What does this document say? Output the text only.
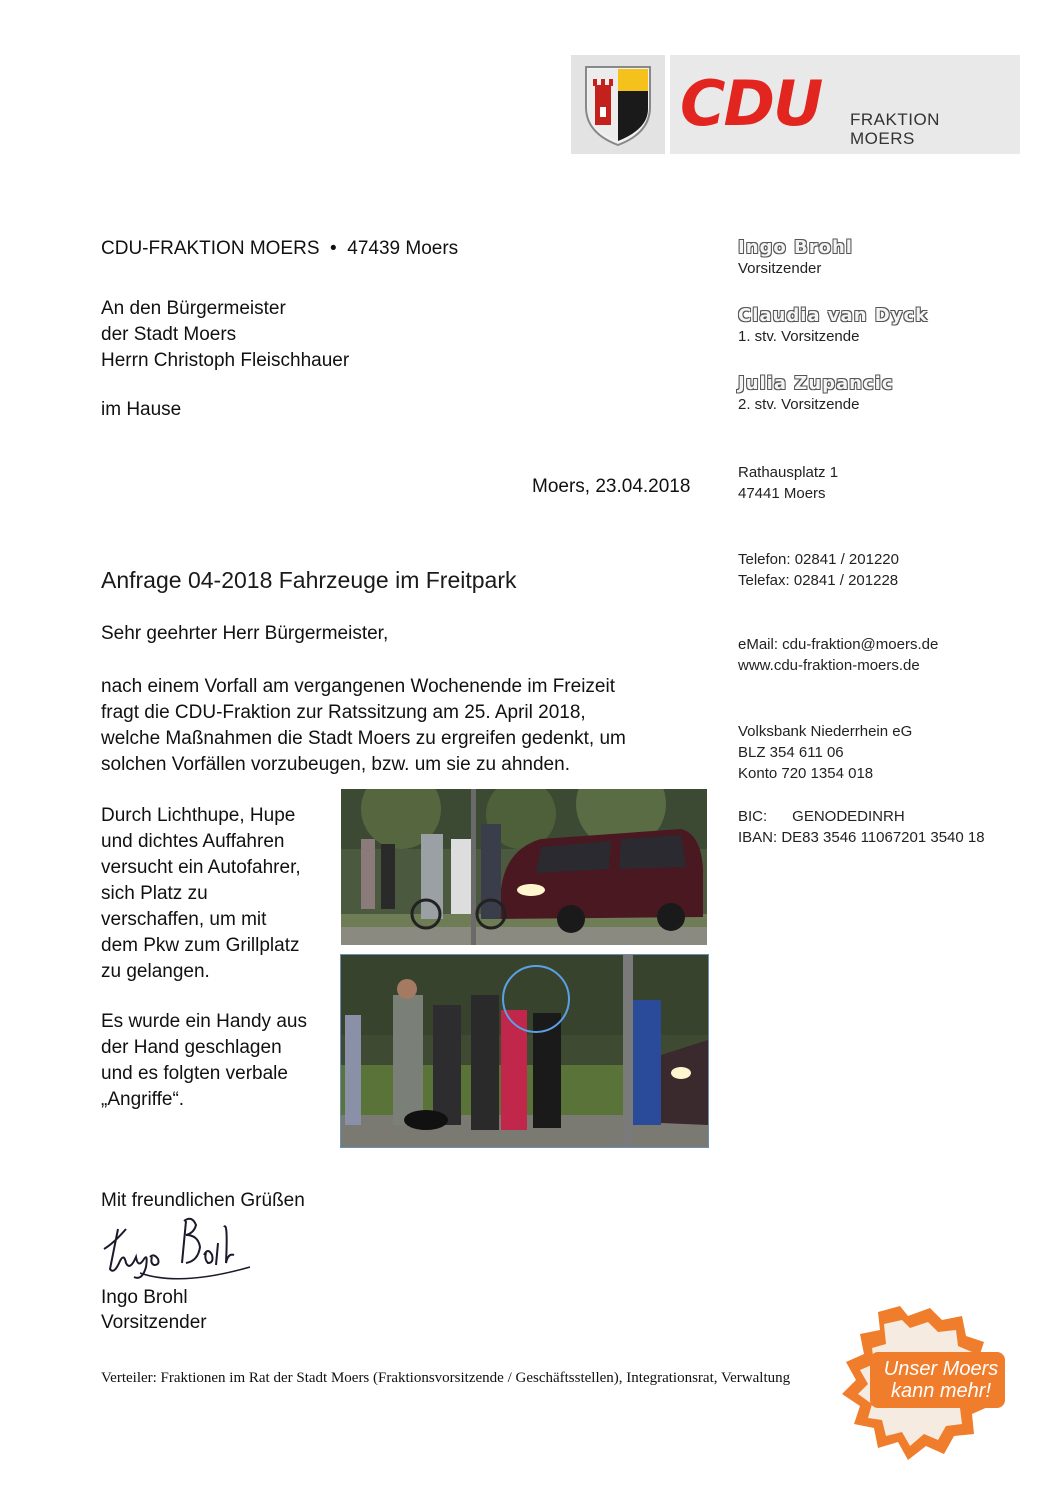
CDU FRAKTION
MOERS
CDU-FRAKTION MOERS  •  47439 Moers
An den Bürgermeister
der Stadt Moers
Herrn Christoph Fleischhauer
im Hause
Moers, 23.04.2018
Anfrage 04-2018 Fahrzeuge im Freitpark
Sehr geehrter Herr Bürgermeister,
nach einem Vorfall am vergangenen Wochenende im Freizeit
fragt die CDU-Fraktion zur Ratssitzung am 25. April 2018,
welche Maßnahmen die Stadt Moers zu ergreifen gedenkt, um
solchen Vorfällen vorzubeugen, bzw. um sie zu ahnden.
Durch Lichthupe, Hupe
und dichtes Auffahren
versucht ein Autofahrer,
sich Platz zu
verschaffen, um mit
dem Pkw zum Grillplatz
zu gelangen.
Es wurde ein Handy aus
der Hand geschlagen
und es folgten verbale
„Angriffe“.
Mit freundlichen Grüßen
Ingo Brohl
Vorsitzender
Verteiler: Fraktionen im Rat der Stadt Moers (Fraktionsvorsitzende / Geschäftsstellen), Integrationsrat, Verwaltung
Ingo Brohl
Vorsitzender
Claudia van Dyck
1. stv. Vorsitzende
Julia Zupancic
2. stv. Vorsitzende
Rathausplatz 1
47441 Moers
Telefon: 02841 / 201220
Telefax: 02841 / 201228
eMail: cdu-fraktion@moers.de
www.cdu-fraktion-moers.de
Volksbank Niederrhein eG
BLZ 354 611 06
Konto 720 1354 018
BIC:      GENODEDINRH
IBAN: DE83 3546 11067201 3540 18
Unser Moers
kann mehr!
